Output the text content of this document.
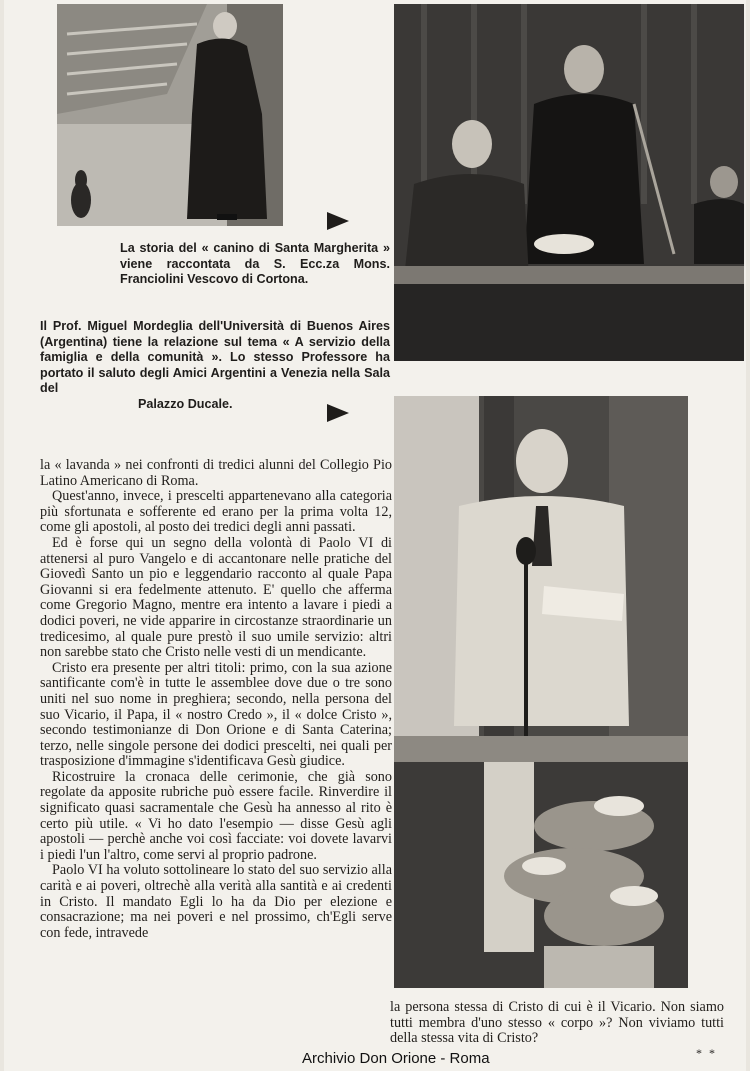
La storia del « canino di Santa Margherita » viene raccontata da S. Ecc.za Mons. Franciolini Vescovo di Cortona.
Il Prof. Miguel Mordeglia dell'Università di Buenos Aires (Argentina) tiene la relazione sul tema « A servizio della famiglia e della comunità ». Lo stesso Professore ha portato il saluto degli Amici Argentini a Venezia nella Sala del
Palazzo Ducale.

la « lavanda » nei confronti di tredici alunni del Collegio Pio Latino Americano di Roma.

Quest'anno, invece, i prescelti appartenevano alla categoria più sfortunata e sofferente ed erano per la prima volta 12, come gli apostoli, al posto dei tredici degli anni passati.

Ed è forse qui un segno della volontà di Paolo VI di attenersi al puro Vangelo e di accantonare nelle pratiche del Giovedì Santo un pio e leggendario racconto al quale Papa Giovanni si era fedelmente attenuto. E' quello che afferma come Gregorio Magno, mentre era intento a lavare i piedi a dodici poveri, ne vide apparire in circostanze straordinarie un tredicesimo, al quale pure prestò il suo umile servizio: altri non sarebbe stato che Cristo nelle vesti di un mendicante.

Cristo era presente per altri titoli: primo, con la sua azione santificante com'è in tutte le assemblee dove due o tre sono uniti nel suo nome in preghiera; secondo, nella persona del suo Vicario, il Papa, il « nostro Credo », il « dolce Cristo », secondo testimonianze di Don Orione e di Santa Caterina; terzo, nelle singole persone dei dodici prescelti, nei quali per trasposizione d'immagine s'identificava Gesù giudice.

Ricostruire la cronaca delle cerimonie, che già sono regolate da apposite rubriche può essere facile. Rinverdire il significato quasi sacramentale che Gesù ha annesso al rito è certo più utile. « Vi ho dato l'esempio — disse Gesù agli apostoli — perchè anche voi così facciate: voi dovete lavarvi i piedi l'un l'altro, come servi al proprio padrone.

Paolo VI ha voluto sottolineare lo stato del suo servizio alla carità e ai poveri, oltrechè alla verità alla santità e ai credenti in Cristo. Il mandato Egli lo ha da Dio per elezione e consacrazione; ma nei poveri e nel prossimo, ch'Egli serve con fede, intravede

la persona stessa di Cristo di cui è il Vicario. Non siamo tutti membra d'uno stesso « corpo »? Non viviamo tutti della stessa vita di Cristo?
* *
Archivio Don Orione - Roma
